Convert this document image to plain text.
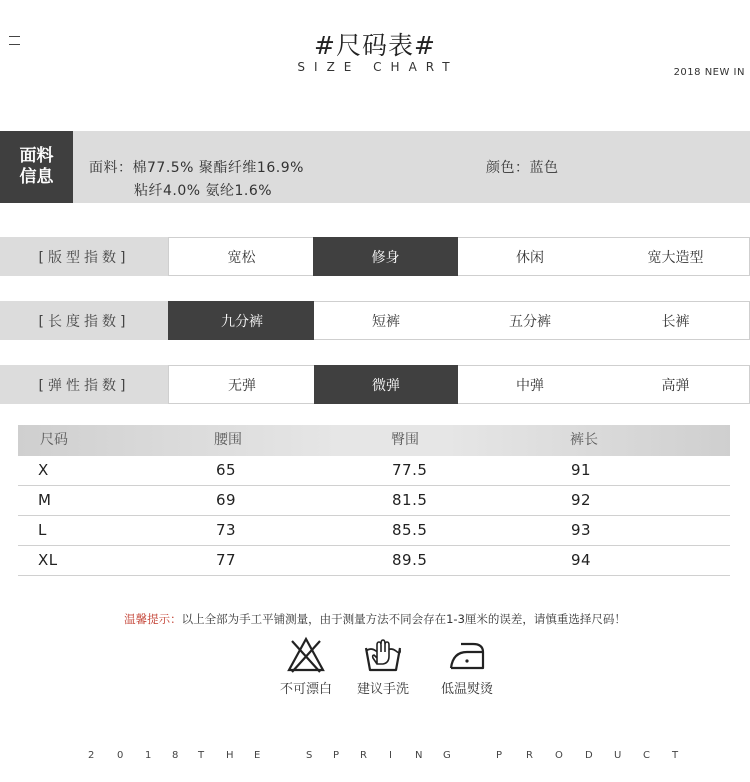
#尺码表#
SIZE CHART	2018 NEW IN
面料
信息	面料：棉77.5% 聚酯纤维16.9%
粘纤4.0% 氨纶1.6%
颜色：蓝色
[版型指数]	宽松	修身	休闲	宽大造型
[长度指数]	九分裤	短裤	五分裤	长裤
[弹性指数]	无弹	微弹	中弹	高弹
尺码	腰围	臀围	裤长
X	65	77.5	91
M	69	81.5	92
L	73	85.5	93
XL	77	89.5	94
温馨提示：以上全部为手工平铺测量，由于测量方法不同会存在1-3厘米的误差，请慎重选择尺码！
不可漂白	建议手洗	低温熨烫
2 0 1 8 T H E	S P R I N G	P R O D U C T
